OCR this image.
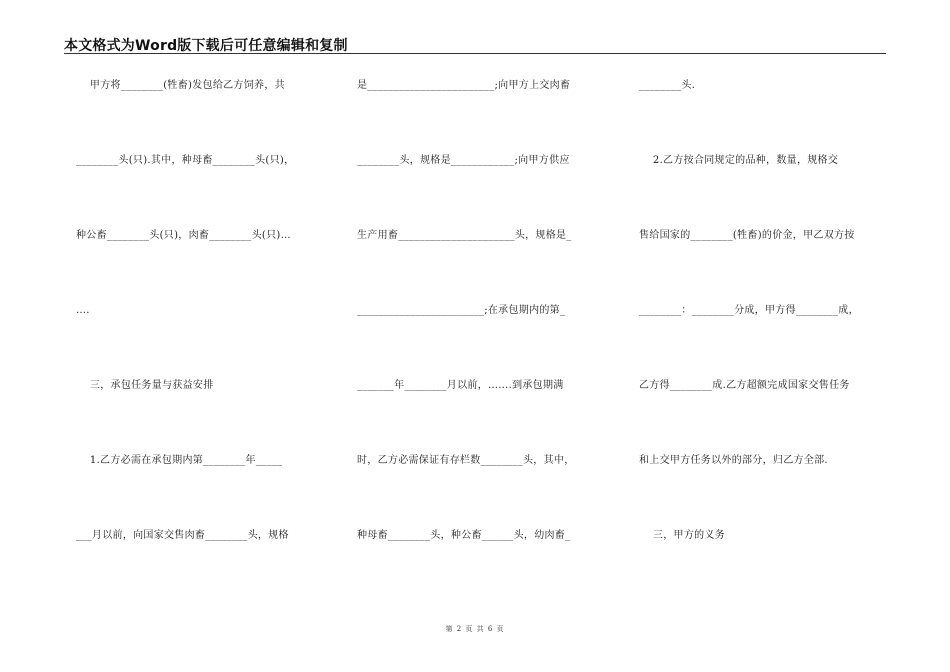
本文格式为Word版下载后可任意编辑和复制
甲方将________(牲畜)发包给乙方饲养，共
________头(只).其中，种母畜________头(只)，
种公畜________头(只)，肉畜________头(只)…
….
三，承包任务量与获益安排
1.乙方必需在承包期内第________年_____
___月以前，向国家交售肉畜________头，规格
是________________________;向甲方上交肉畜
________头，规格是____________;向甲方供应
生产用畜______________________头，规格是_
________________________;在承包期内的第_
_______年________月以前，…….到承包期满
时，乙方必需保证有存栏数________头，其中，
种母畜________头，种公畜______头，幼肉畜_
________头.
2.乙方按合同规定的品种，数量，规格交
售给国家的________(牲畜)的价金，甲乙双方按
________：________分成，甲方得________成，
乙方得________成.乙方超额完成国家交售任务
和上交甲方任务以外的部分，归乙方全部.
三，甲方的义务
第 2 页 共 6 页
